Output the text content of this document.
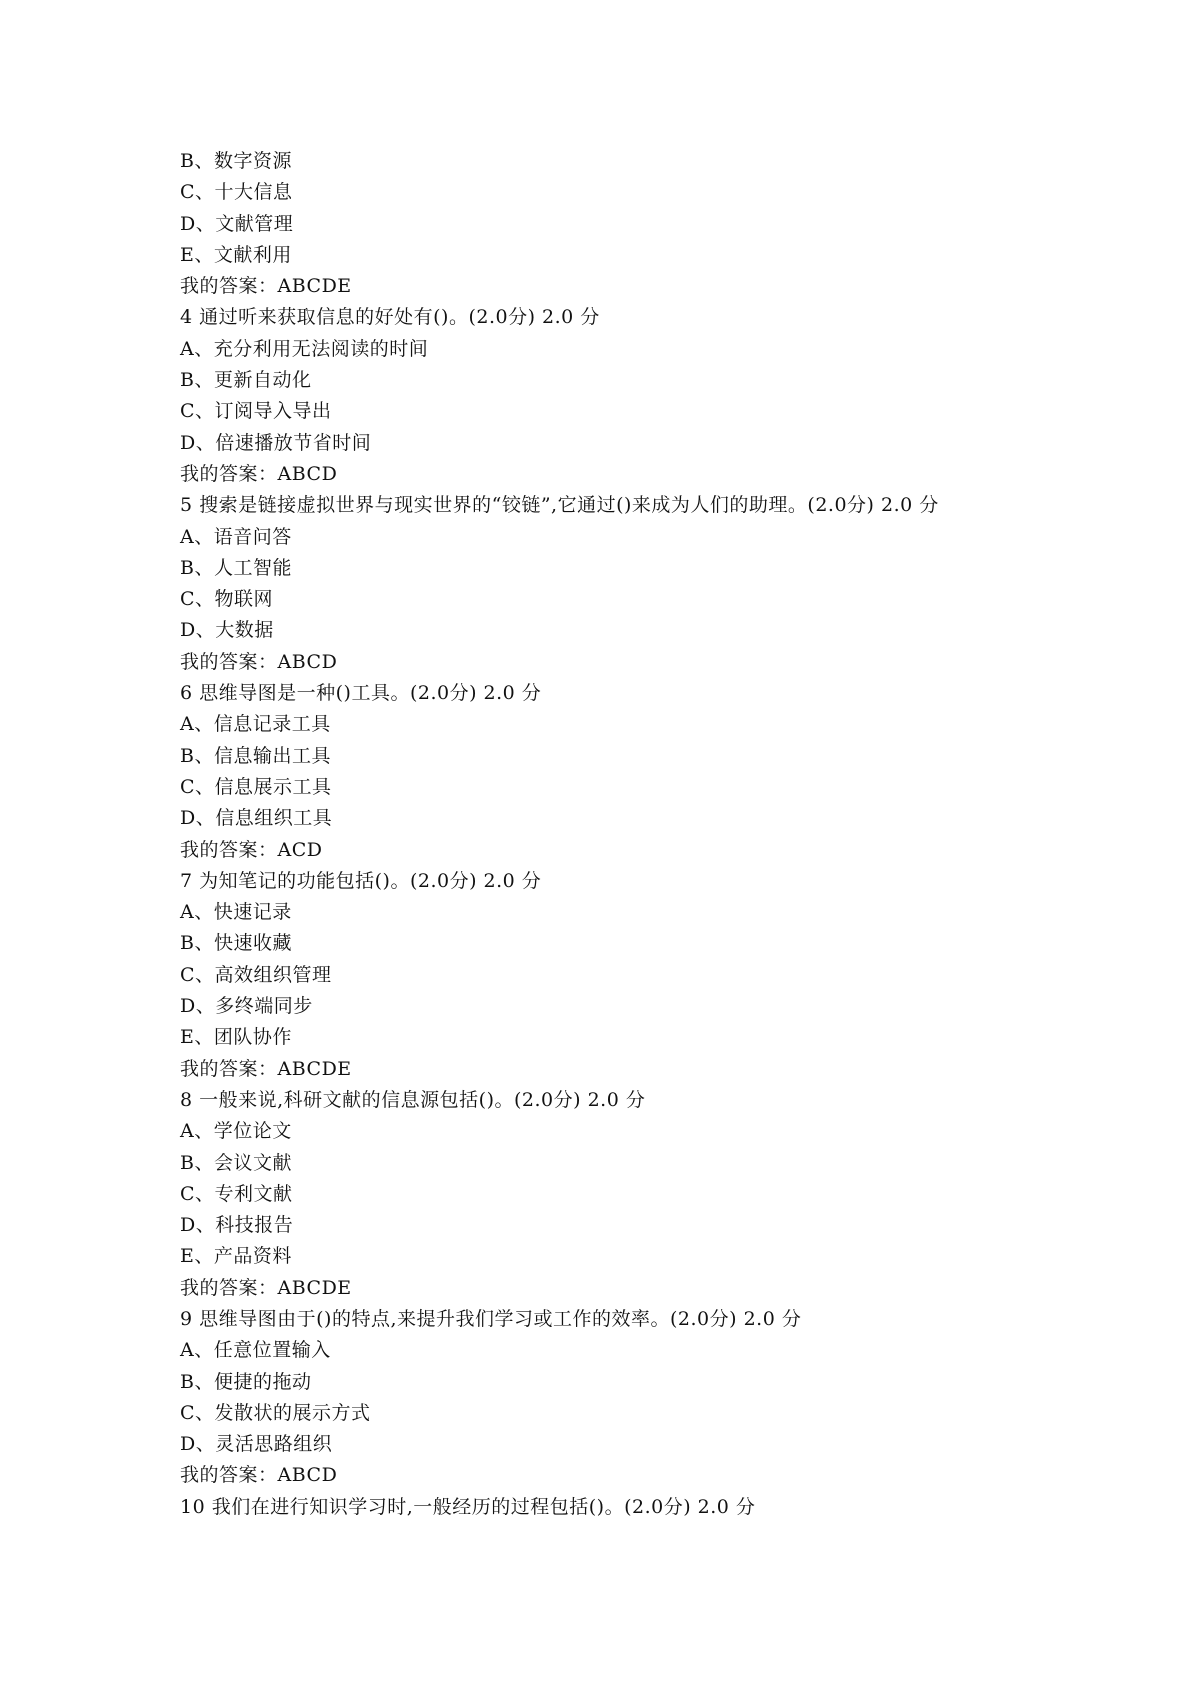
B、数字资源
C、十大信息
D、文献管理
E、文献利用
我的答案：ABCDE
4 通过听来获取信息的好处有()。(2.0分) 2.0 分
A、充分利用无法阅读的时间
B、更新自动化
C、订阅导入导出
D、倍速播放节省时间
我的答案：ABCD
5 搜索是链接虚拟世界与现实世界的“铰链”,它通过()来成为人们的助理。(2.0分) 2.0 分
A、语音问答
B、人工智能
C、物联网
D、大数据
我的答案：ABCD
6 思维导图是一种()工具。(2.0分) 2.0 分
A、信息记录工具
B、信息输出工具
C、信息展示工具
D、信息组织工具
我的答案：ACD
7 为知笔记的功能包括()。(2.0分) 2.0 分
A、快速记录
B、快速收藏
C、高效组织管理
D、多终端同步
E、团队协作
我的答案：ABCDE
8 一般来说,科研文献的信息源包括()。(2.0分) 2.0 分
A、学位论文
B、会议文献
C、专利文献
D、科技报告
E、产品资料
我的答案：ABCDE
9 思维导图由于()的特点,来提升我们学习或工作的效率。(2.0分) 2.0 分
A、任意位置输入
B、便捷的拖动
C、发散状的展示方式
D、灵活思路组织
我的答案：ABCD
10 我们在进行知识学习时,一般经历的过程包括()。(2.0分) 2.0 分
